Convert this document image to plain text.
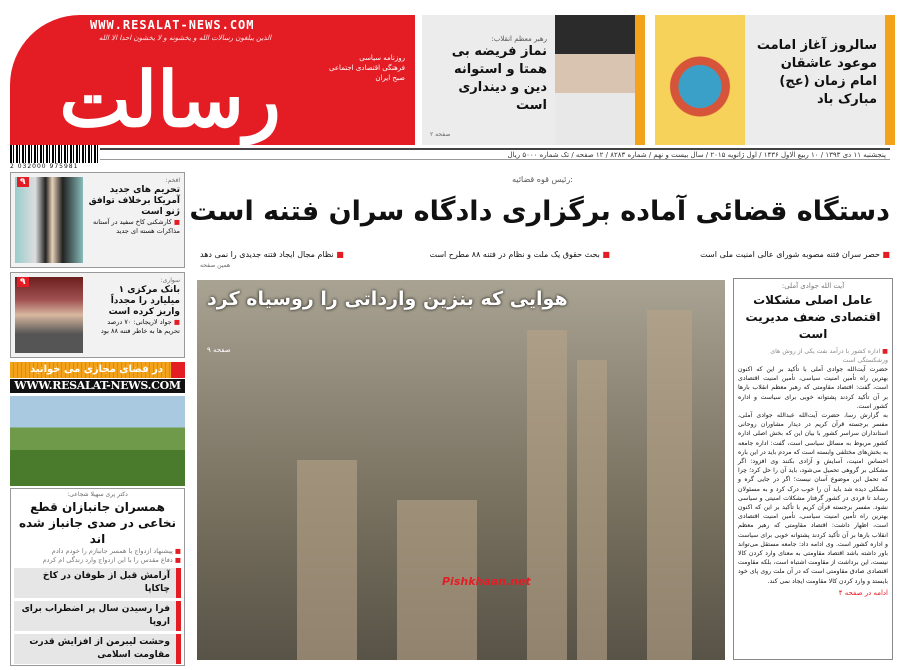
WWW.RESALAT-NEWS.COM
الذین یبلغون رسالات الله و یخشونه و لا یخشون احدا الا الله
رسالت	روزنامه سیاسی
فرهنگی اقتصادی اجتماعی
صبح ایران
رهبر معظم انقلاب:
نماز فریضه بی همتا و استوانه دین و دینداری است
صفحه ۲
سالروز آغاز امامت موعود عاشقان امام زمان (عج) مبارک باد
2 032000 975981
پنجشنبه ۱۱ دی ۱۳۹۳ / ۱۰ ربیع الاول ۱۴۳۶ / اول ژانویه ۲۰۱۵ / سال بیست و نهم / شماره ۸۲۸۳ / ۱۲ صفحه / تک شماره ۵۰۰۰ ریال
۹	افخم:
تحریم های جدید آمریکا برخلاف توافق ژنو است
■ کارشکنی کاخ سفید در آستانه
مذاکرات هسته ای جدید
۹	سواری:
بانک مرکزی ۱ میلیارد را مجدداً واریز کرده است
■ جواد لاریجانی: ۷۰ درصد
تحریم ها به خاطر فتنه ۸۸ بود
در فضای مجازی می خوانید
WWW.RESALAT-NEWS.COM
دکتر پری سهیلا شجاعی:
همسران جانبازان قطع نخاعی در صدی جانباز شده اند
■ پیشنهاد ازدواج با همسر جانبازم را خودم دادم
■ دفاع مقدس را با این ازدواج وارد زندگی ام کردم
آرامش قبل از طوفان در کاخ چاکاپا
فرا رسیدن سال پر اضطراب برای اروپا
وحشت لیبرمن از افزایش قدرت مقاومت اسلامی
رئیس قوه قضائیه:
دستگاه قضائی آماده برگزاری دادگاه سران فتنه است
■ حصر سران فتنه مصوبه شورای عالی امنیت ملی است
■ بحث حقوق یک ملت و نظام در فتنه ۸۸ مطرح است
■ نظام مجال ایجاد فتنه جدیدی را نمی دهد
همین صفحه
هوایی که بنزین وارداتی را روسیاه کرد
صفحه ۹
Pishkhaan.net
آیت الله جوادی آملی:
عامل اصلی مشکلات اقتصادی ضعف مدیریت است
■ اداره کشور با درآمد نفت یکی از روش های ورشکستگی است

حضرت آیت‌الله جوادی آملی با تأکید بر این که اکنون بهترین راه تأمین امنیت سیاسی، تأمین امنیت اقتصادی است، گفت: اقتصاد مقاومتی که رهبر معظم انقلاب بارها بر آن تأکید کردند پشتوانه خوبی برای سیاست و اداره کشور است.

به گزارش رسا، حضرت آیت‌الله عبدالله جوادی آملی، مفسر برجسته قرآن کریم در دیدار مشاوران روحانی استانداران سراسر کشور با بیان این که بخش اصلی اداره کشور مربوط به مسائل سیاسی است، گفت: اداره جامعه به بخش‌های مختلفی وابسته است که مردم باید در این باره احساس امنیت، آسایش و آزادی بکنند وی افزود: اگر مشکلی بر گروهی تحمیل می‌شود، باید آن را حل کرد؛ چرا که تحمل این موضوع آسان نیست؛ اگر در جایی گره و مشکلی دیده شد باید آن را خوب درک کرد و به مسئولان رساند تا فردی در کشور گرفتار مشکلات امنیتی و سیاسی نشود. مفسر برجسته قرآن کریم با تأکید بر این که اکنون بهترین راه تأمین امنیت سیاسی، تأمین امنیت اقتصادی است، اظهار داشت: اقتصاد مقاومتی که رهبر معظم انقلاب بارها بر آن تأکید کردند پشتوانه خوبی برای سیاست و اداره کشور است. وی ادامه داد: جامعه مستقل می‌تواند باور داشته باشد اقتصاد مقاومتی به معنای وارد کردن کالا نیست، این برداشت از مقاومت اشتباه است، بلکه مقاومت اقتصادی صادق مقاومتی است که در آن ملت روی پای خود بایستد و وارد کردن کالا مقاومت ایجاد نمی کند.

ادامه در صفحه ۴
